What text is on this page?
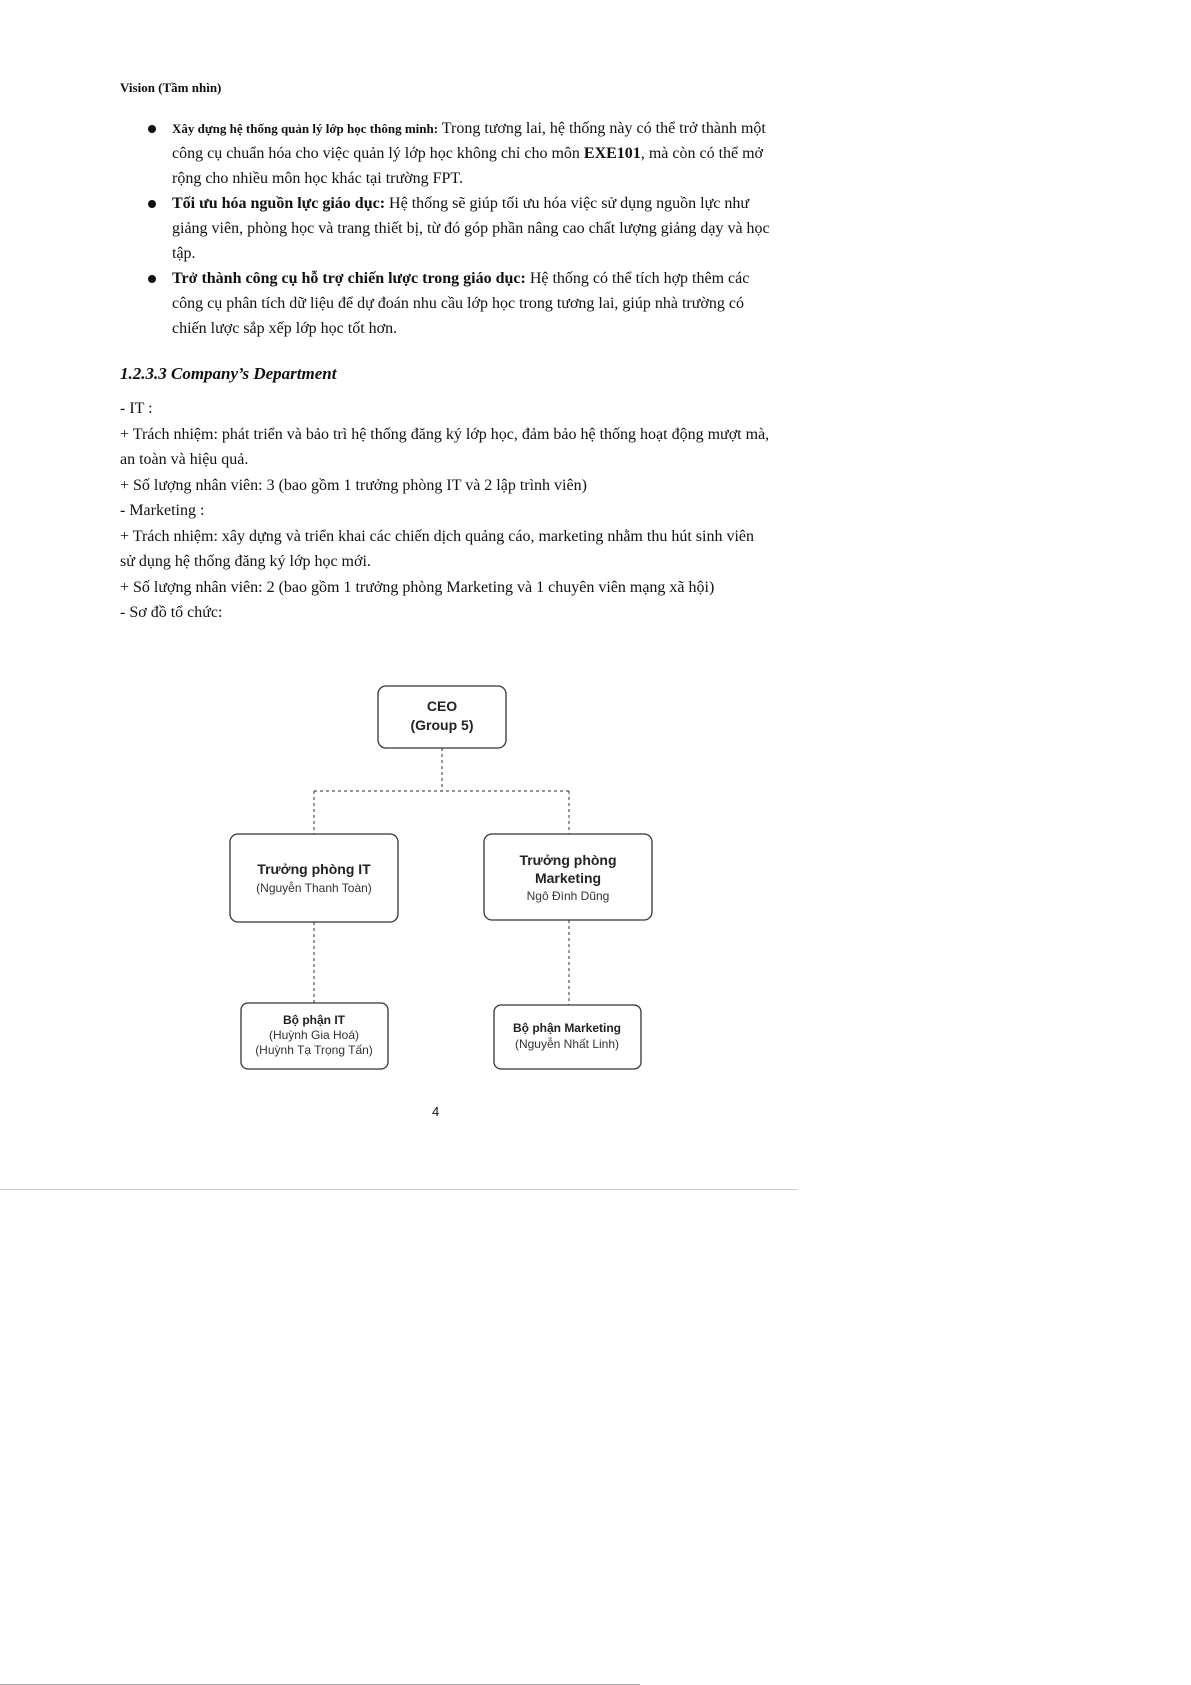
Vision (Tầm nhìn)
Xây dựng hệ thống quản lý lớp học thông minh: Trong tương lai, hệ thống này có thể trở thành một công cụ chuẩn hóa cho việc quản lý lớp học không chỉ cho môn EXE101, mà còn có thể mở rộng cho nhiều môn học khác tại trường FPT.
Tối ưu hóa nguồn lực giáo dục: Hệ thống sẽ giúp tối ưu hóa việc sử dụng nguồn lực như giảng viên, phòng học và trang thiết bị, từ đó góp phần nâng cao chất lượng giảng dạy và học tập.
Trở thành công cụ hỗ trợ chiến lược trong giáo dục: Hệ thống có thể tích hợp thêm các công cụ phân tích dữ liệu để dự đoán nhu cầu lớp học trong tương lai, giúp nhà trường có chiến lược sắp xếp lớp học tốt hơn.
1.2.3.3 Company’s Department

- IT :

+ Trách nhiệm: phát triển và bảo trì hệ thống đăng ký lớp học, đảm bảo hệ thống hoạt động mượt mà, an toàn và hiệu quả.

+ Số lượng nhân viên: 3 (bao gồm 1 trưởng phòng IT và 2 lập trình viên)

- Marketing :

+ Trách nhiệm: xây dựng và triển khai các chiến dịch quảng cáo, marketing nhằm thu hút sinh viên sử dụng hệ thống đăng ký lớp học mới.

+ Số lượng nhân viên: 2 (bao gồm 1 trưởng phòng Marketing và 1 chuyên viên mạng xã hội)

- Sơ đồ tổ chức:

CEO
(Group 5)
Trưởng phòng IT
(Nguyễn Thanh Toàn)
Trưởng phòng
Marketing
Ngô Đình Dũng
Bộ phận IT
(Huỳnh Gia Hoá)
(Huỳnh Tạ Trọng Tấn)
Bộ phận Marketing
(Nguyễn Nhất Linh)
4
